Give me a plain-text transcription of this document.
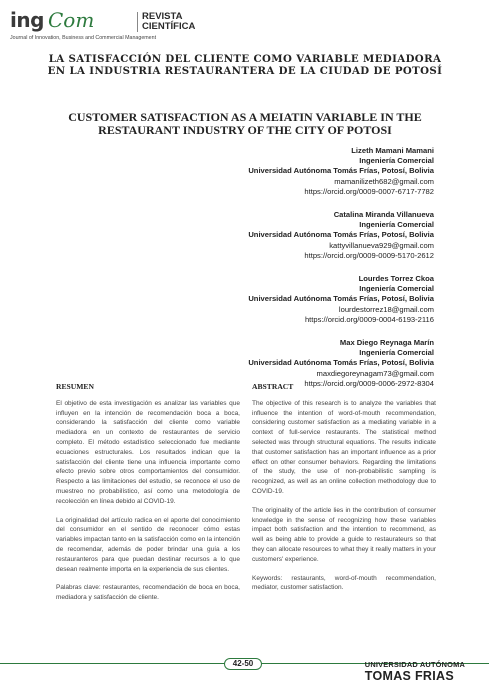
ing Com	REVISTA
CIENTÍFICA
Journal of Innovation, Business and Commercial Management
LA SATISFACCIÓN DEL CLIENTE COMO VARIABLE MEDIADORA EN LA INDUSTRIA RESTAURANTERA DE LA CIUDAD DE POTOSÍ
CUSTOMER SATISFACTION AS A MEIATIN VARIABLE IN THE RESTAURANT INDUSTRY OF THE CITY OF POTOSI
Lizeth Mamani Mamani
Ingeniería Comercial
Universidad Autónoma Tomás Frías, Potosí, Bolivia
mamanilizeth682@gmail.com
https://orcid.org/0009-0007-6717-7782
Catalina Miranda Villanueva
Ingeniería Comercial
Universidad Autónoma Tomás Frías, Potosí, Bolivia
kattyvillanueva929@gmail.com
https://orcid.org/0009-0009-5170-2612
Lourdes Torrez Ckoa
Ingeniería Comercial
Universidad Autónoma Tomás Frías, Potosí, Bolivia
lourdestorrez18@gmail.com
https://orcid.org/0009-0004-6193-2116
Max Diego Reynaga Marín
Ingeniería Comercial
Universidad Autónoma Tomás Frías, Potosí, Bolivia
maxdiegoreynagam73@gmail.com
https://orcid.org/0009-0006-2972-8304
RESUMEN

El objetivo de esta investigación es analizar las variables que influyen en la intención de recomendación boca a boca, considerando la satisfacción del cliente como variable mediadora en un contexto de restaurantes de servicio completo. El método estadístico seleccionado fue mediante ecuaciones estructurales. Los resultados indican que la satisfacción del cliente tiene una influencia importante como efecto previo sobre otros comportamientos del consumidor. Respecto a las limitaciones del estudio, se reconoce el uso de muestreo no probabilístico, así como una metodología de recolección en línea debido al COVID-19.

La originalidad del artículo radica en el aporte del conocimiento del consumidor en el sentido de reconocer cómo estas variables impactan tanto en la satisfacción como en la intención de recomendar, además de poder brindar una guía a los restauranteros para que puedan destinar recursos a lo que desean realmente importa en la experiencia de sus clientes.

Palabras clave: restaurantes, recomendación de boca en boca, mediadora y satisfacción de cliente.

ABSTRACT

The objective of this research is to analyze the variables that influence the intention of word-of-mouth recommendation, considering customer satisfaction as a mediating variable in a context of full-service restaurants. The statistical method selected was through structural equations. The results indicate that customer satisfaction has an important influence as a prior effect on other consumer behaviors. Regarding the limitations of the study, the use of non-probabilistic sampling is recognized, as well as an online collection methodology due to COVID-19.

The originality of the article lies in the contribution of consumer knowledge in the sense of recognizing how these variables impact both satisfaction and the intention to recommend, as well as being able to provide a guide to restaurateurs so that they can allocate resources to what they it really matters in your customers' experience.

Keywords: restaurants, word-of-mouth recommendation, mediator, customer satisfaction.

42-50	UNIVERSIDAD AUTÓNOMA
TOMAS FRIAS
